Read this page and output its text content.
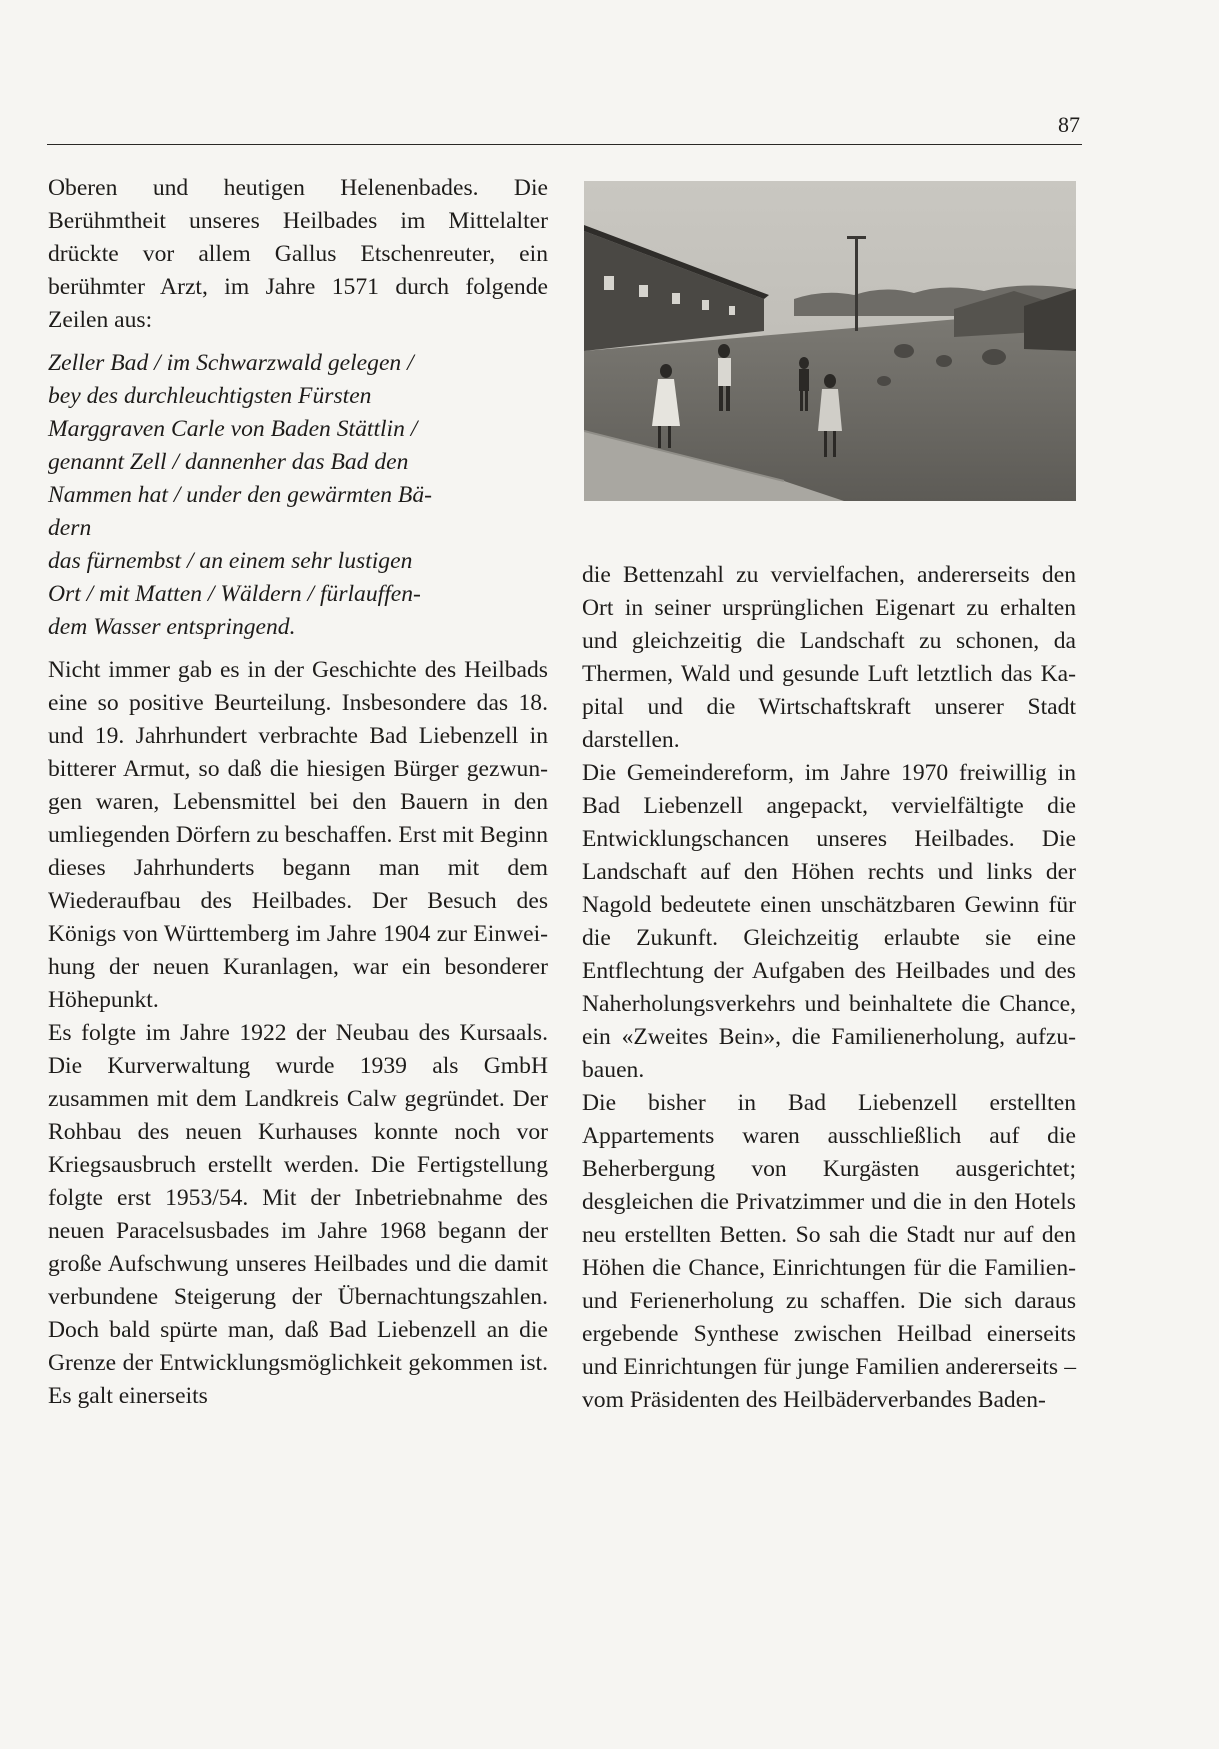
87

Oberen und heutigen Helenenbades. Die Berühmtheit unseres Heilbades im Mittelalter drückte vor allem Gallus Etschenreuter, ein berühmter Arzt, im Jahre 1571 durch folgende Zeilen aus:

Zeller Bad / im Schwarzwald gelegen /
bey des durchleuchtigsten Fürsten
Marggraven Carle von Baden Stättlin /
genannt Zell / dannenher das Bad den
Nammen hat / under den gewärmten Bä-
dern
das fürnembst / an einem sehr lustigen
Ort / mit Matten / Wäldern / fürlauffen-
dem Wasser entspringend.

Nicht immer gab es in der Geschichte des Heilbads eine so positive Beurteilung. Insbesondere das 18. und 19. Jahrhundert verbrachte Bad Liebenzell in bitterer Armut, so daß die hiesigen Bürger gezwungen waren, Lebensmittel bei den Bauern in den umliegenden Dörfern zu beschaffen. Erst mit Beginn dieses Jahrhunderts begann man mit dem Wiederaufbau des Heilbades. Der Besuch des Königs von Württemberg im Jahre 1904 zur Einweihung der neuen Kuranlagen, war ein besonderer Höhepunkt.

Es folgte im Jahre 1922 der Neubau des Kursaals. Die Kurverwaltung wurde 1939 als GmbH zusammen mit dem Landkreis Calw gegründet. Der Rohbau des neuen Kurhauses konnte noch vor Kriegsausbruch erstellt werden. Die Fertigstellung folgte erst 1953/54. Mit der Inbetriebnahme des neuen Paracelsusbades im Jahre 1968 begann der große Aufschwung unseres Heilbades und die damit verbundene Steigerung der Übernachtungszahlen. Doch bald spürte man, daß Bad Liebenzell an die Grenze der Entwicklungsmöglichkeit gekommen ist. Es galt einerseits

die Bettenzahl zu vervielfachen, andererseits den Ort in seiner ursprünglichen Eigenart zu erhalten und gleichzeitig die Landschaft zu schonen, da Thermen, Wald und gesunde Luft letztlich das Kapital und die Wirtschaftskraft unserer Stadt darstellen.

Die Gemeindereform, im Jahre 1970 freiwillig in Bad Liebenzell angepackt, vervielfältigte die Entwicklungschancen unseres Heilbades. Die Landschaft auf den Höhen rechts und links der Nagold bedeutete einen unschätzbaren Gewinn für die Zukunft. Gleichzeitig erlaubte sie eine Entflechtung der Aufgaben des Heilbades und des Naherholungsverkehrs und beinhaltete die Chance, ein «Zweites Bein», die Familienerholung, aufzubauen.

Die bisher in Bad Liebenzell erstellten Appartements waren ausschließlich auf die Beherbergung von Kurgästen ausgerichtet; desgleichen die Privatzimmer und die in den Hotels neu erstellten Betten. So sah die Stadt nur auf den Höhen die Chance, Einrichtungen für die Familien- und Ferienerholung zu schaffen. Die sich daraus ergebende Synthese zwischen Heilbad einerseits und Einrichtungen für junge Familien andererseits – vom Präsidenten des Heilbäderverbandes Baden-
